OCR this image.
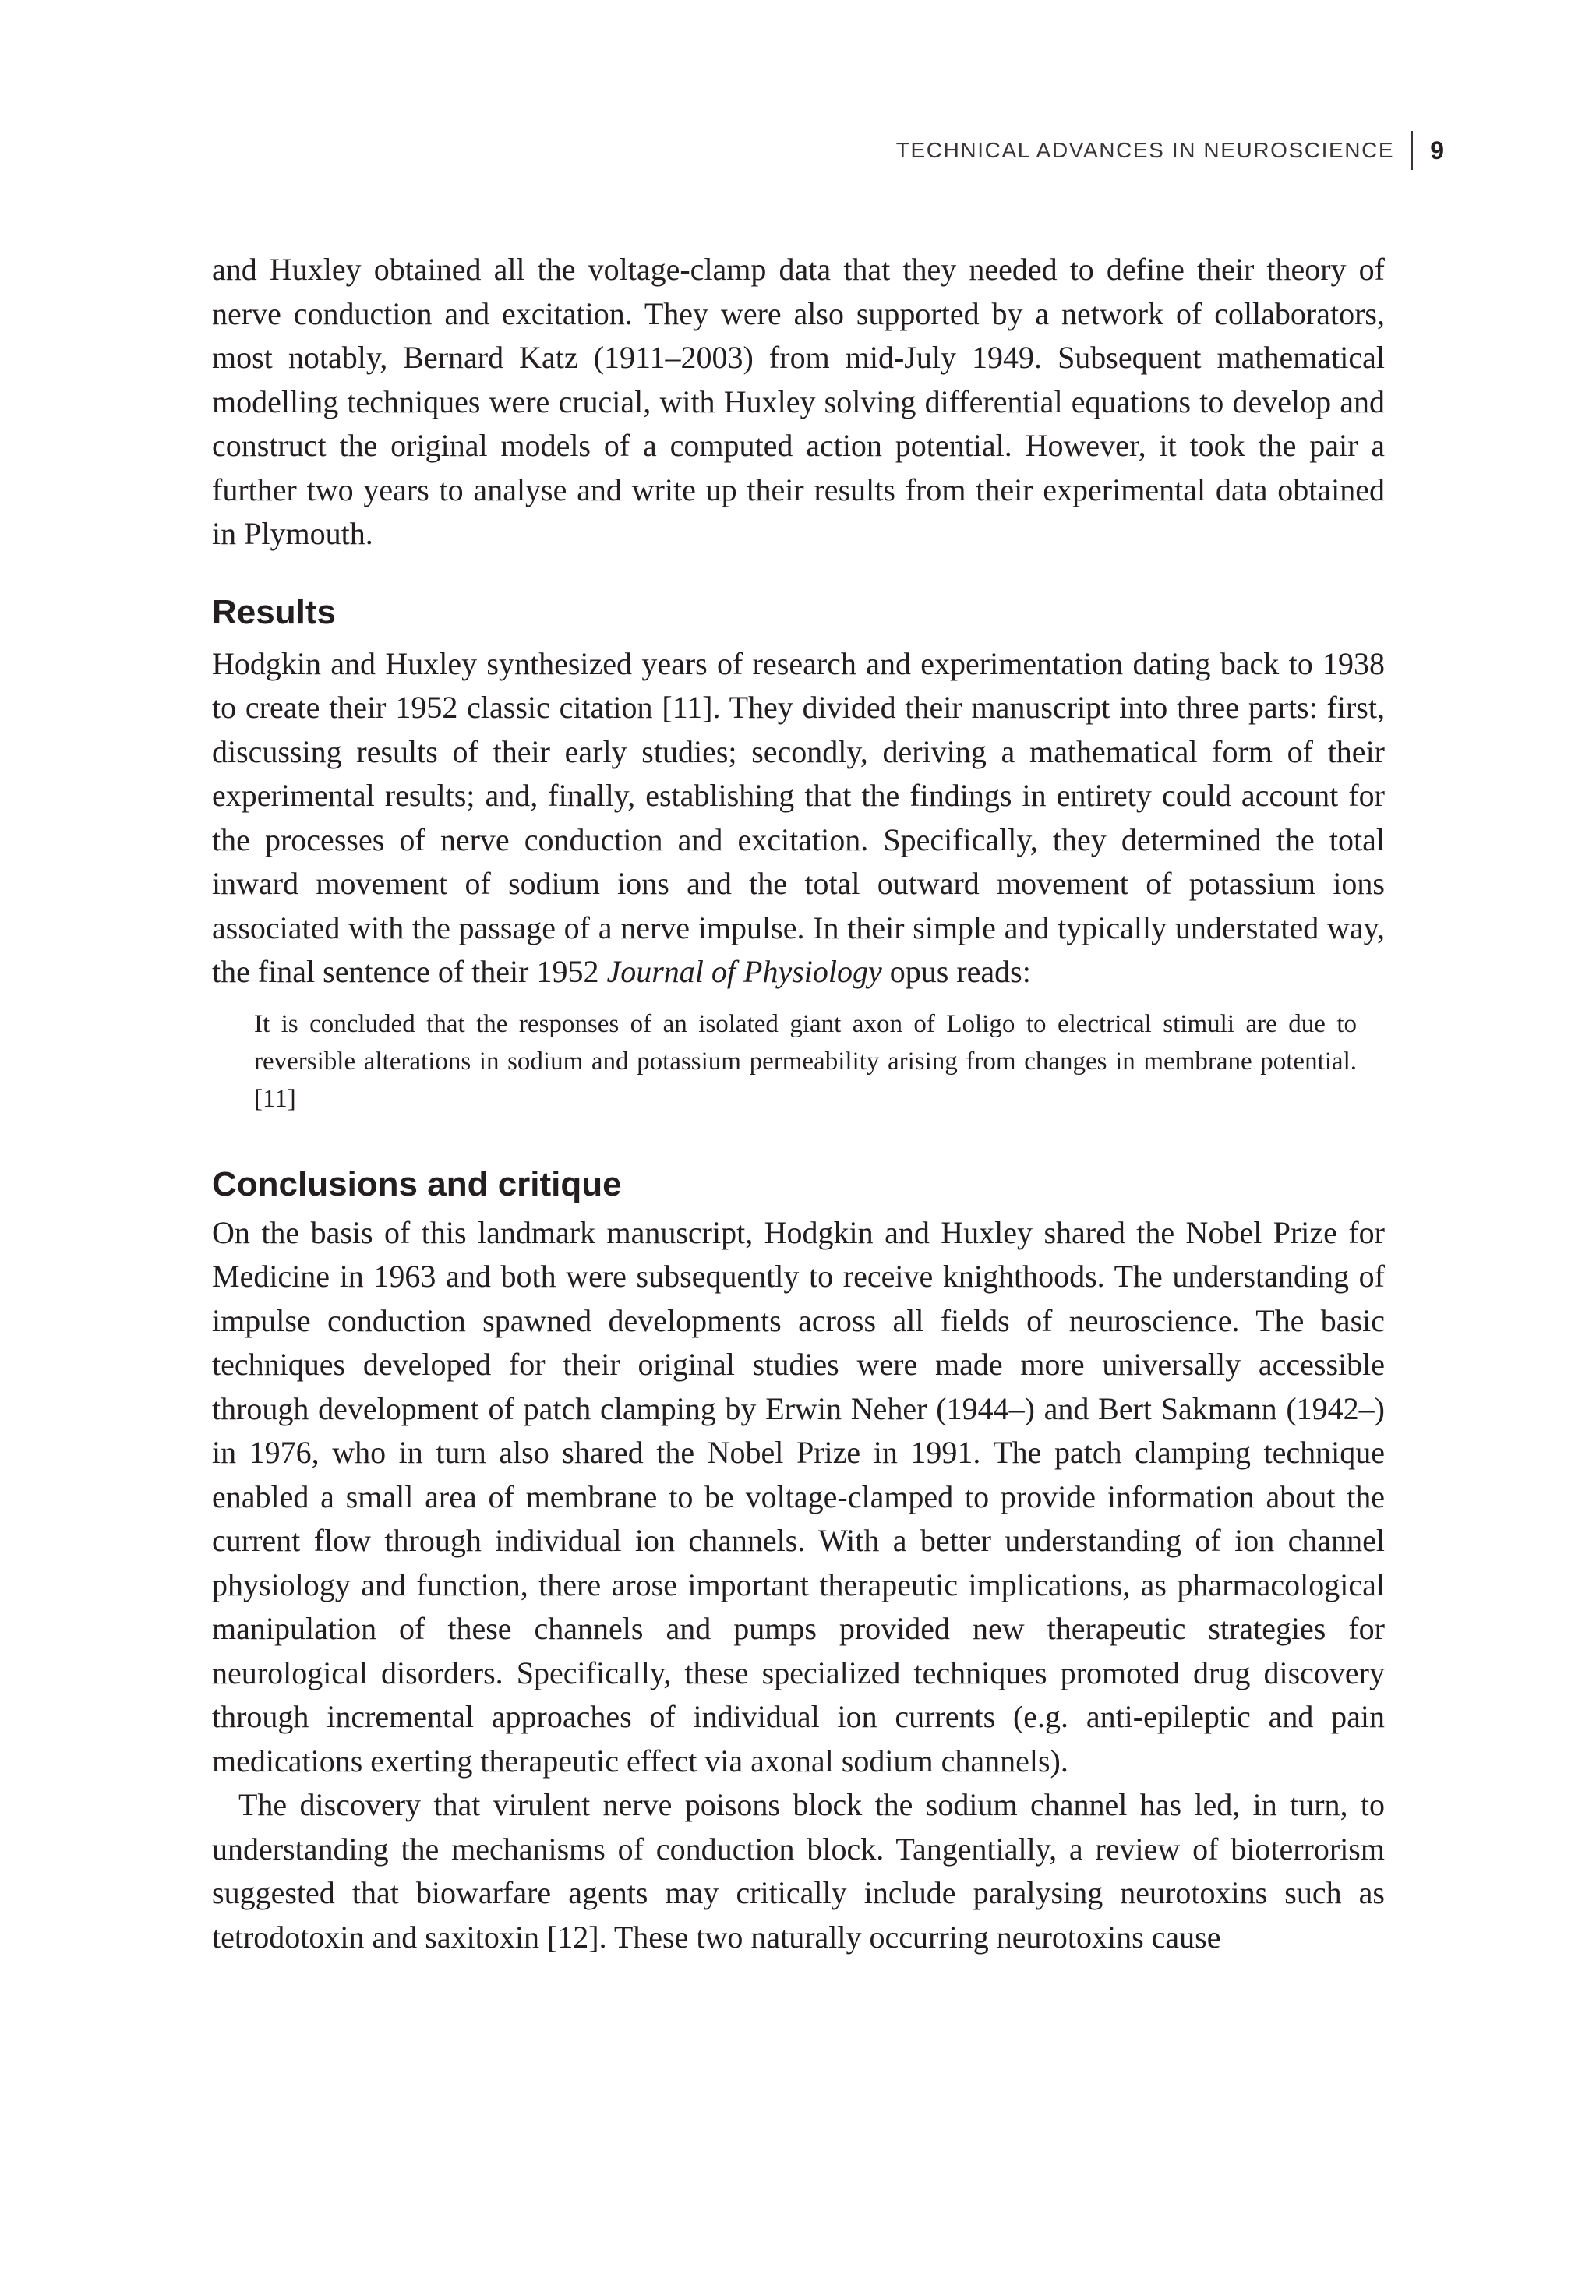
TECHNICAL ADVANCES IN NEUROSCIENCE	9

and Huxley obtained all the voltage-clamp data that they needed to define their theory of nerve conduction and excitation. They were also supported by a network of collaborators, most notably, Bernard Katz (1911–2003) from mid-July 1949. Subsequent mathematical modelling techniques were crucial, with Huxley solving differential equations to develop and construct the original models of a computed action potential. However, it took the pair a further two years to analyse and write up their results from their experimental data obtained in Plymouth.

Results

Hodgkin and Huxley synthesized years of research and experimentation dating back to 1938 to create their 1952 classic citation [11]. They divided their manuscript into three parts: first, discussing results of their early studies; secondly, deriving a mathematical form of their experimental results; and, finally, establishing that the findings in entirety could account for the processes of nerve conduction and excitation. Specifically, they determined the total inward movement of sodium ions and the total outward movement of potassium ions associated with the passage of a nerve impulse. In their simple and typically understated way, the final sentence of their 1952 Journal of Physiology opus reads:

It is concluded that the responses of an isolated giant axon of Loligo to electrical stimuli are due to reversible alterations in sodium and potassium permeability arising from changes in membrane potential.[11]
Conclusions and critique

On the basis of this landmark manuscript, Hodgkin and Huxley shared the Nobel Prize for Medicine in 1963 and both were subsequently to receive knighthoods. The understanding of impulse conduction spawned developments across all fields of neuroscience. The basic techniques developed for their original studies were made more universally accessible through development of patch clamping by Erwin Neher (1944–) and Bert Sakmann (1942–) in 1976, who in turn also shared the Nobel Prize in 1991. The patch clamping technique enabled a small area of membrane to be voltage-clamped to provide information about the current flow through individual ion channels. With a better understanding of ion channel physiology and function, there arose important therapeutic implications, as pharmacological manipulation of these channels and pumps provided new therapeutic strategies for neurological disorders. Specifically, these specialized techniques promoted drug discovery through incremental approaches of individual ion currents (e.g. anti-epileptic and pain medications exerting therapeutic effect via axonal sodium channels).

The discovery that virulent nerve poisons block the sodium channel has led, in turn, to understanding the mechanisms of conduction block. Tangentially, a review of bioterrorism suggested that biowarfare agents may critically include paralysing neurotoxins such as tetrodotoxin and saxitoxin [12]. These two naturally occurring neurotoxins cause
